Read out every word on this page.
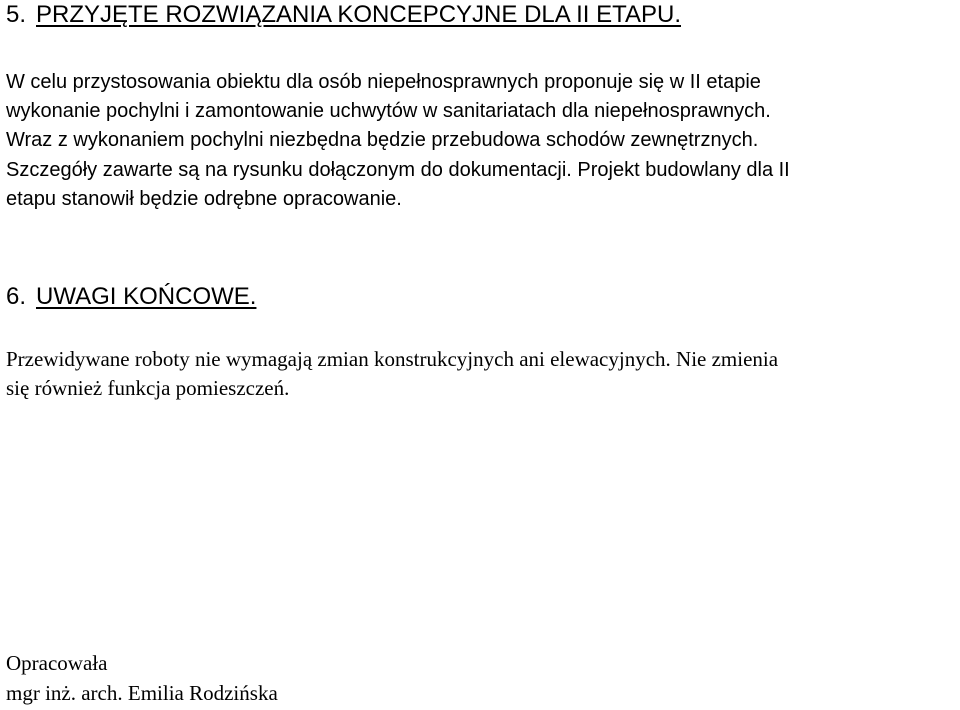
5. PRZYJĘTE ROZWIĄZANIA KONCEPCYJNE DLA II ETAPU.

W celu przystosowania obiektu dla osób niepełnosprawnych proponuje się w II etapie
wykonanie pochylni i zamontowanie uchwytów w sanitariatach dla niepełnosprawnych.
Wraz z wykonaniem pochylni niezbędna będzie przebudowa schodów zewnętrznych.
Szczegóły zawarte są na rysunku dołączonym do dokumentacji. Projekt budowlany dla II
etapu stanowił będzie odrębne opracowanie.

6. UWAGI KOŃCOWE.

Przewidywane roboty nie wymagają zmian konstrukcyjnych ani elewacyjnych. Nie zmienia
się również funkcja pomieszczeń.

Opracowała
mgr inż. arch. Emilia Rodzińska
